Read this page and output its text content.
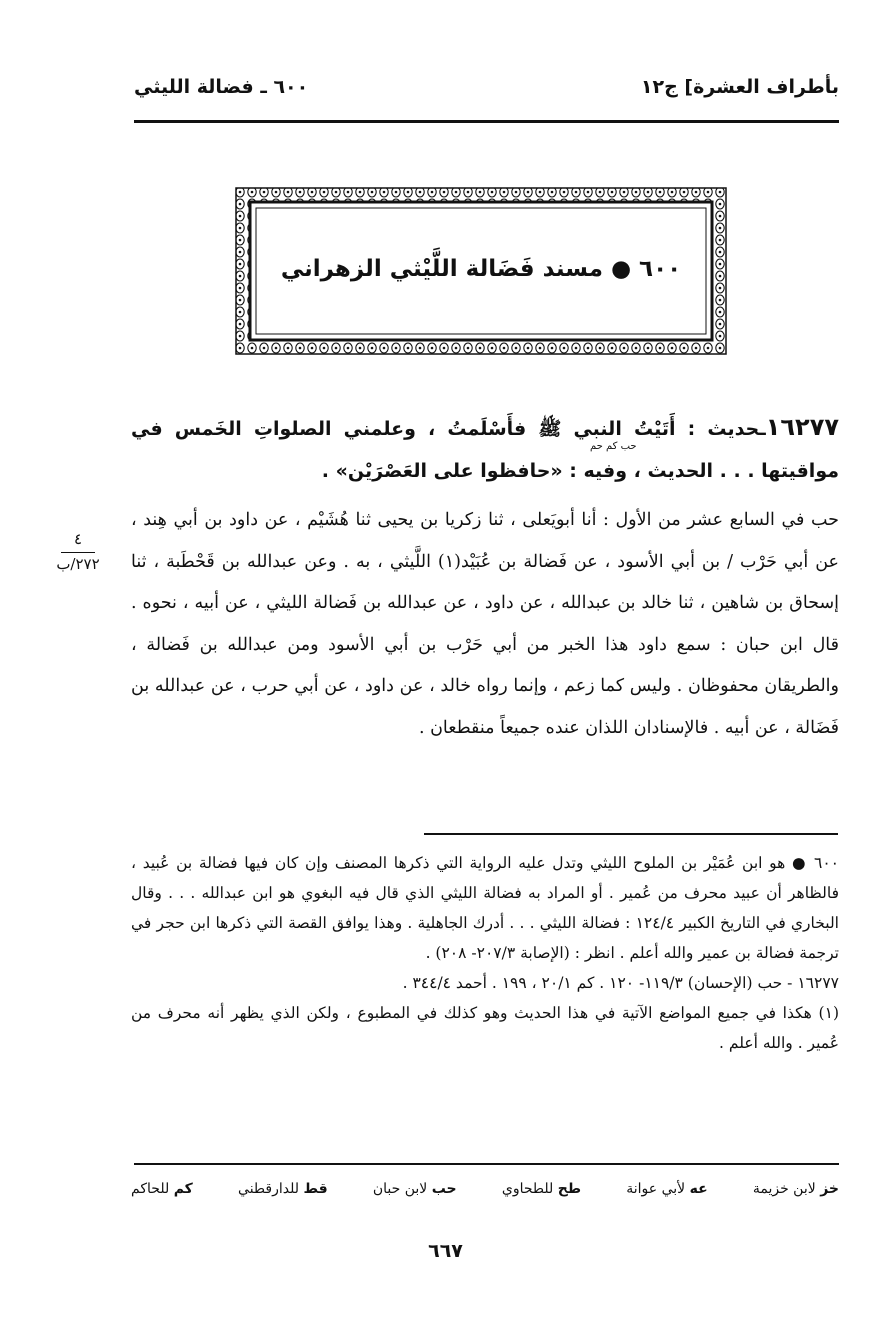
بأطراف العشرة] ج١٢
٦٠٠ ـ فضالة الليثي
٦٠٠ ● مسند فَضَالة اللَّيْثي الزهراني
١٦٢٧٧ـحديث : أَتَيْتُ النبي ﷺ فأَسْلَمتُ ، وعلمني الصلواتِ الخَمس في مواقيتها . . . الحديث ، وفيه : «حافظوا على العَصْرَيْن» .
حب كم حم
حب في السابع عشر من الأول : أنا أبويَعلى ، ثنا زكريا بن يحيى ثنا هُشَيْم ، عن داود بن أبي هِند ، عن أبي حَرْب / بن أبي الأسود ، عن فَضالة بن عُبَيْد(١) اللَّيثي ، به . وعن عبدالله بن قَحْطَبة ، ثنا إسحاق بن شاهين ، ثنا خالد بن عبدالله ، عن داود ، عن عبدالله بن فَضالة الليثي ، عن أبيه ، نحوه . قال ابن حبان : سمع داود هذا الخبر من أبي حَرْب بن أبي الأسود ومن عبدالله بن فَضالة ، والطريقان محفوظان . وليس كما زعم ، وإنما رواه خالد ، عن داود ، عن أبي حرب ، عن عبدالله بن فَضَالة ، عن أبيه . فالإسنادان اللذان عنده جميعاً منقطعان .
٤
٢٧٢/ب

٦٠٠ ● هو ابن عُمَيْر بن الملوح الليثي وتدل عليه الرواية التي ذكرها المصنف وإن كان فيها فضالة بن عُبيد ، فالظاهر أن عبيد محرف من عُمير . أو المراد به فضالة الليثي الذي قال فيه البغوي هو ابن عبدالله . . . وقال البخاري في التاريخ الكبير ١٢٤/٤ : فضالة الليثي . . . أدرك الجاهلية . وهذا يوافق القصة التي ذكرها ابن حجر في ترجمة فضالة بن عمير والله أعلم . انظر : (الإصابة ٢٠٧/٣- ٢٠٨) .

١٦٢٧٧ - حب (الإحسان) ١١٩/٣- ١٢٠ . كم ٢٠/١ ، ١٩٩ . أحمد ٣٤٤/٤ .

(١) هكذا في جميع المواضع الآتية في هذا الحديث وهو كذلك في المطبوع ، ولكن الذي يظهر أنه محرف من عُمير . والله أعلم .

خز لابن خزيمة
عه لأبي عوانة
طح للطحاوي
حب لابن حبان
قط للدارقطني
كم للحاكم
٦٦٧
